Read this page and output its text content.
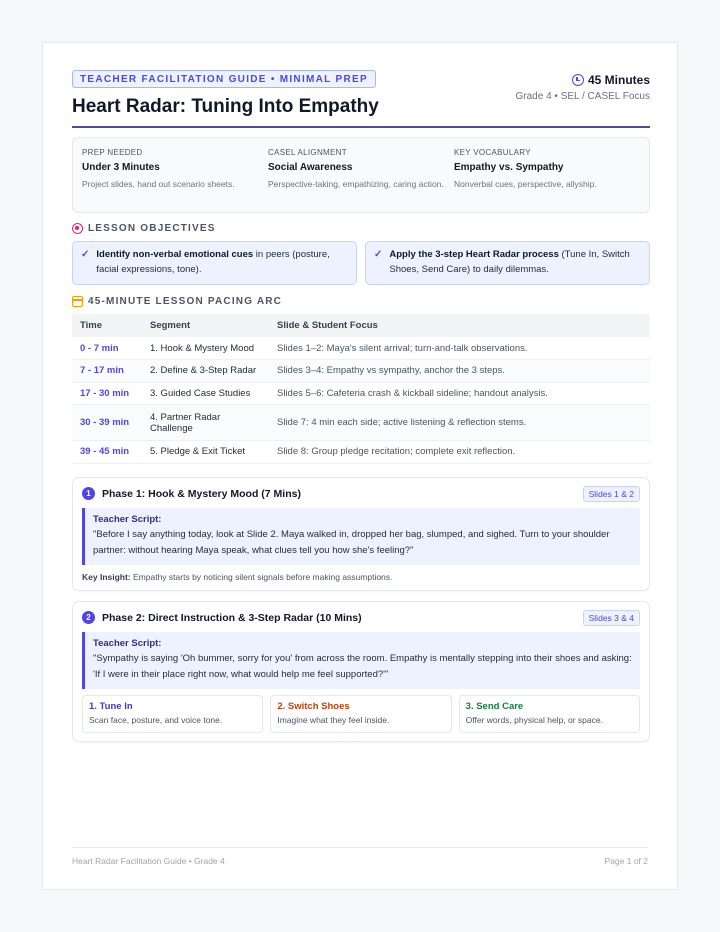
TEACHER FACILITATION GUIDE • MINIMAL PREP
Heart Radar: Tuning Into Empathy
45 Minutes
Grade 4 • SEL / CASEL Focus
PREP NEEDED
Under 3 Minutes
Project slides, hand out scenario sheets.
CASEL ALIGNMENT
Social Awareness
Perspective-taking, empathizing, caring action.
KEY VOCABULARY
Empathy vs. Sympathy
Nonverbal cues, perspective, allyship.
LESSON OBJECTIVES
✓ Identify non-verbal emotional cues in peers (posture, facial expressions, tone).
✓ Apply the 3-step Heart Radar process (Tune In, Switch Shoes, Send Care) to daily dilemmas.
45-MINUTE LESSON PACING ARC
Time	Segment	Slide & Student Focus
0 - 7 min	1. Hook & Mystery Mood	Slides 1–2: Maya's silent arrival; turn-and-talk observations.
7 - 17 min	2. Define & 3-Step Radar	Slides 3–4: Empathy vs sympathy, anchor the 3 steps.
17 - 30 min	3. Guided Case Studies	Slides 5–6: Cafeteria crash & kickball sideline; handout analysis.
30 - 39 min	4. Partner Radar Challenge	Slide 7: 4 min each side; active listening & reflection stems.
39 - 45 min	5. Pledge & Exit Ticket	Slide 8: Group pledge recitation; complete exit reflection.
1	Phase 1: Hook & Mystery Mood (7 Mins)	Slides 1 & 2
Teacher Script:
"Before I say anything today, look at Slide 2. Maya walked in, dropped her bag, slumped, and sighed. Turn to your shoulder partner: without hearing Maya speak, what clues tell you how she's feeling?"
Key Insight: Empathy starts by noticing silent signals before making assumptions.
2	Phase 2: Direct Instruction & 3-Step Radar (10 Mins)	Slides 3 & 4
Teacher Script:
"Sympathy is saying 'Oh bummer, sorry for you' from across the room. Empathy is mentally stepping into their shoes and asking: 'If I were in their place right now, what would help me feel supported?'"
1. Tune In
Scan face, posture, and voice tone.
2. Switch Shoes
Imagine what they feel inside.
3. Send Care
Offer words, physical help, or space.
Heart Radar Facilitation Guide • Grade 4	Page 1 of 2
